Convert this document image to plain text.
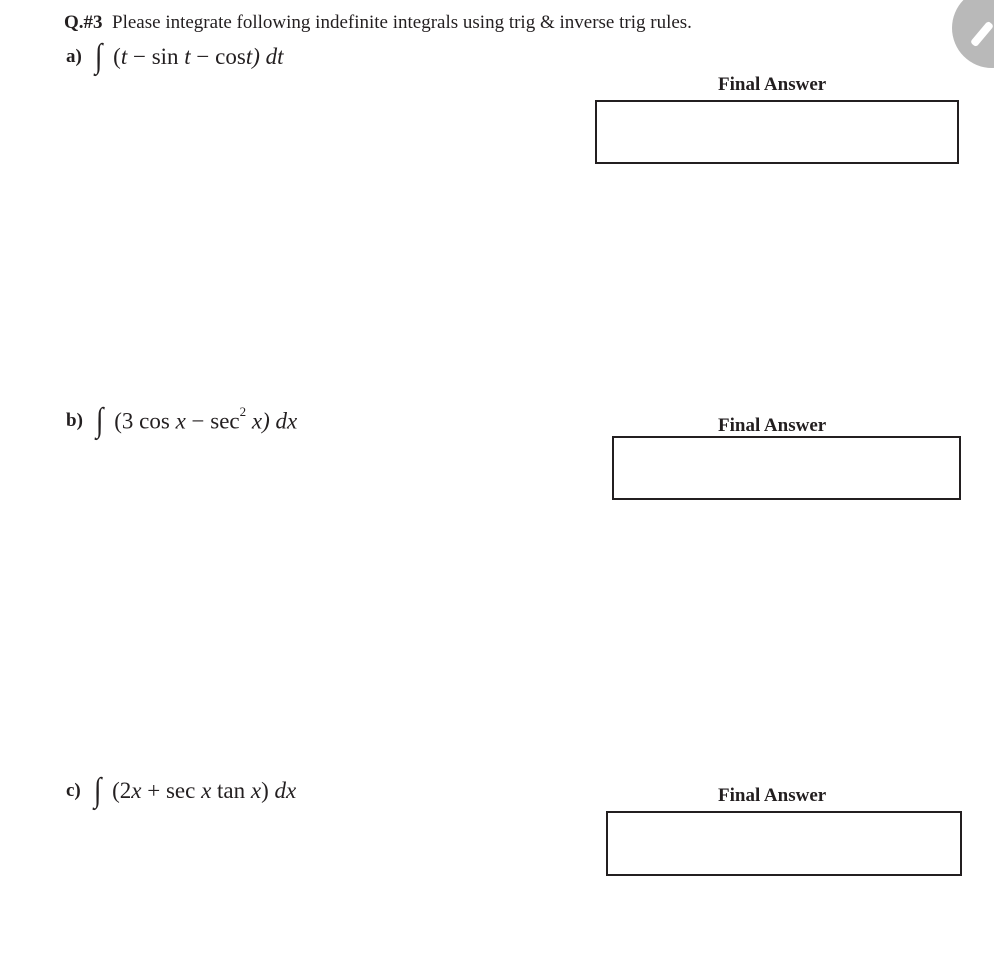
Q.#3 Please integrate following indefinite integrals using trig & inverse trig rules.
a) ∫ (t − sin t − cost) dt
Final Answer
b) ∫ (3 $\cos x - \sec^2 x$) dx	Final Answer
c) ∫ (2x + sec x tan x) dx	Final Answer
